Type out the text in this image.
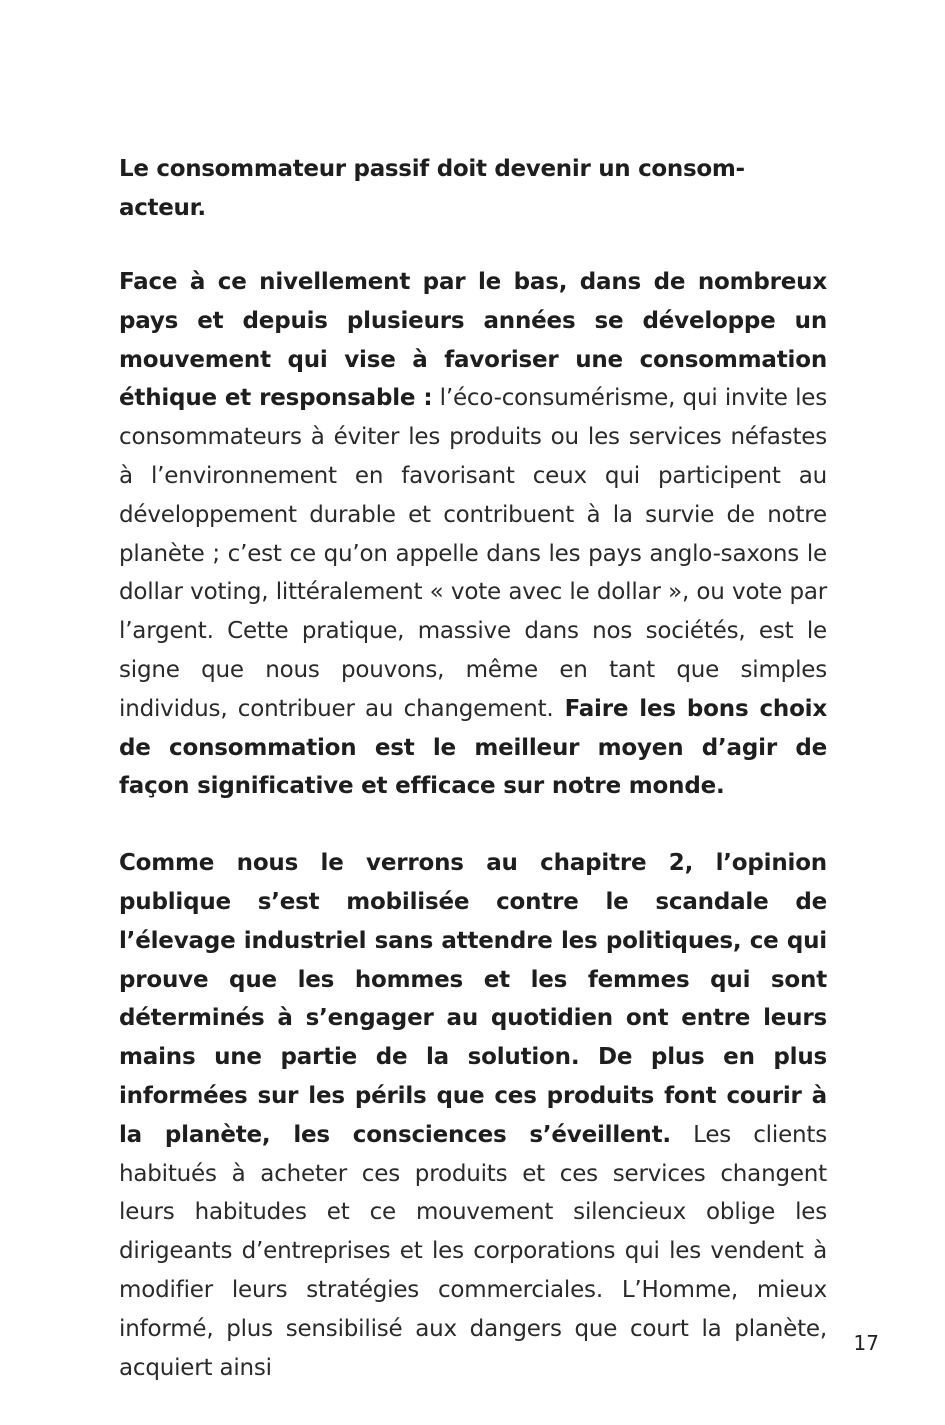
Le consommateur passif doit devenir un consom-acteur.

Face à ce nivellement par le bas, dans de nombreux pays et depuis plusieurs années se développe un mouvement qui vise à favoriser une consommation éthique et responsable : l’éco-consumérisme, qui invite les consommateurs à éviter les produits ou les services néfastes à l’environnement en favorisant ceux qui participent au développement durable et contribuent à la survie de notre planète ; c’est ce qu’on appelle dans les pays anglo-saxons le dollar voting, littéralement « vote avec le dollar », ou vote par l’argent. Cette pratique, massive dans nos sociétés, est le signe que nous pouvons, même en tant que simples individus, contribuer au changement. Faire les bons choix de consommation est le meilleur moyen d’agir de façon significative et efficace sur notre monde.

Comme nous le verrons au chapitre 2, l’opinion publique s’est mobilisée contre le scandale de l’élevage industriel sans attendre les politiques, ce qui prouve que les hommes et les femmes qui sont déterminés à s’engager au quotidien ont entre leurs mains une partie de la solution. De plus en plus informées sur les périls que ces produits font courir à la planète, les consciences s’éveillent. Les clients habitués à acheter ces produits et ces services changent leurs habitudes et ce mouvement silencieux oblige les dirigeants d’entreprises et les corporations qui les vendent à modifier leurs stratégies commerciales. L’Homme, mieux informé, plus sensibilisé aux dangers que court la planète, acquiert ainsi

17
